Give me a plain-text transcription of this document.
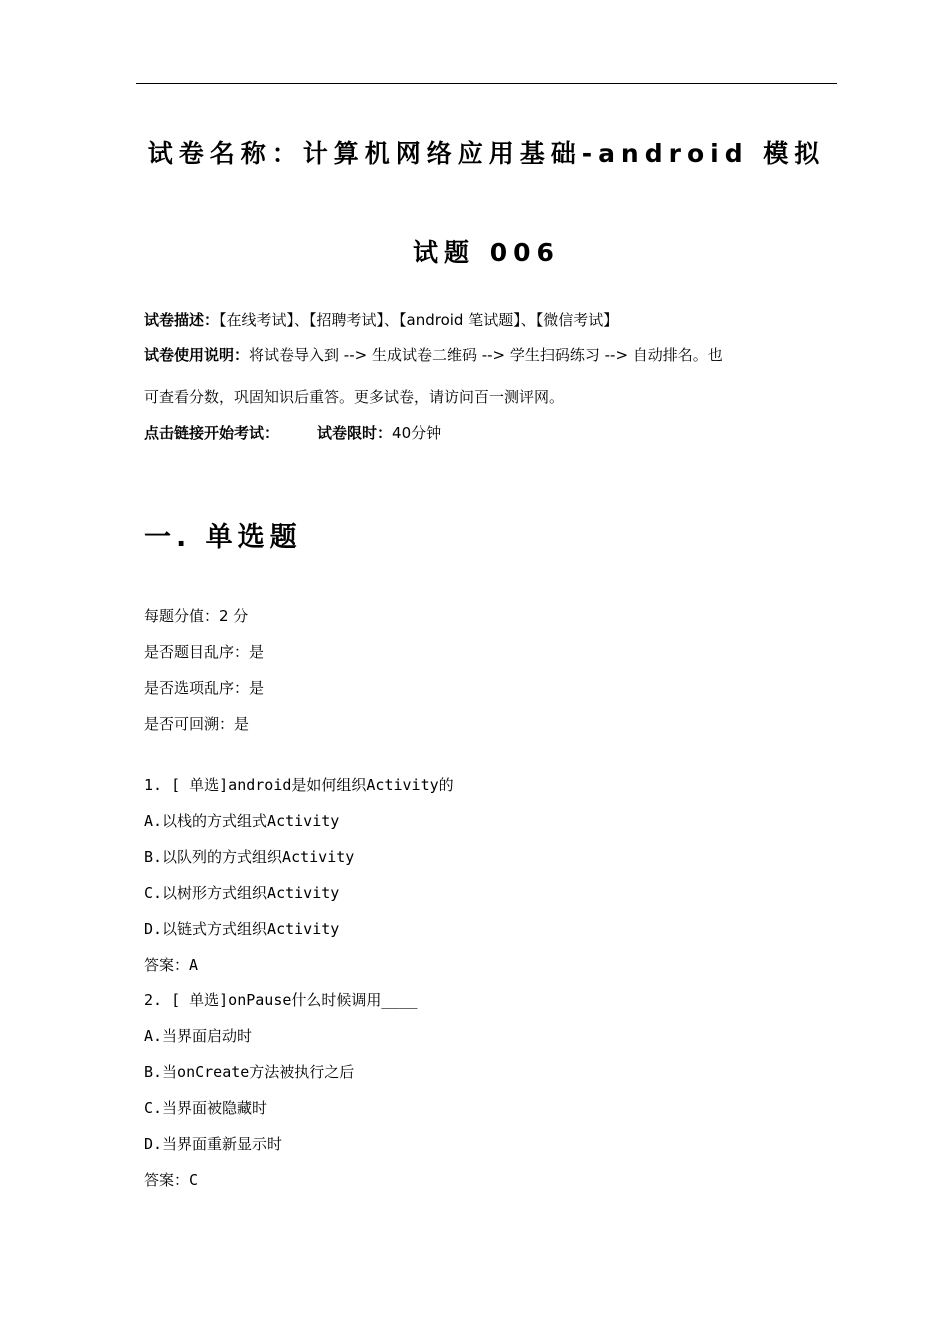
试卷名称：计算机网络应用基础-android 模拟
试题 006
试卷描述：【在线考试】、【招聘考试】、【android 笔试题】、【微信考试】
试卷使用说明：将试卷导入到 --> 生成试卷二维码 --> 学生扫码练习 --> 自动排名。也
可查看分数，巩固知识后重答。更多试卷，请访问百一测评网。
点击链接开始考试：	试卷限时：40分钟
一. 单选题
每题分值：2 分
是否题目乱序：是
是否选项乱序：是
是否可回溯：是
1. [ 单选]android是如何组织Activity的
A.以栈的方式组式Activity
B.以队列的方式组织Activity
C.以树形方式组织Activity
D.以链式方式组织Activity
答案：A
2. [ 单选]onPause什么时候调用____
A.当界面启动时
B.当onCreate方法被执行之后
C.当界面被隐藏时
D.当界面重新显示时
答案：C
